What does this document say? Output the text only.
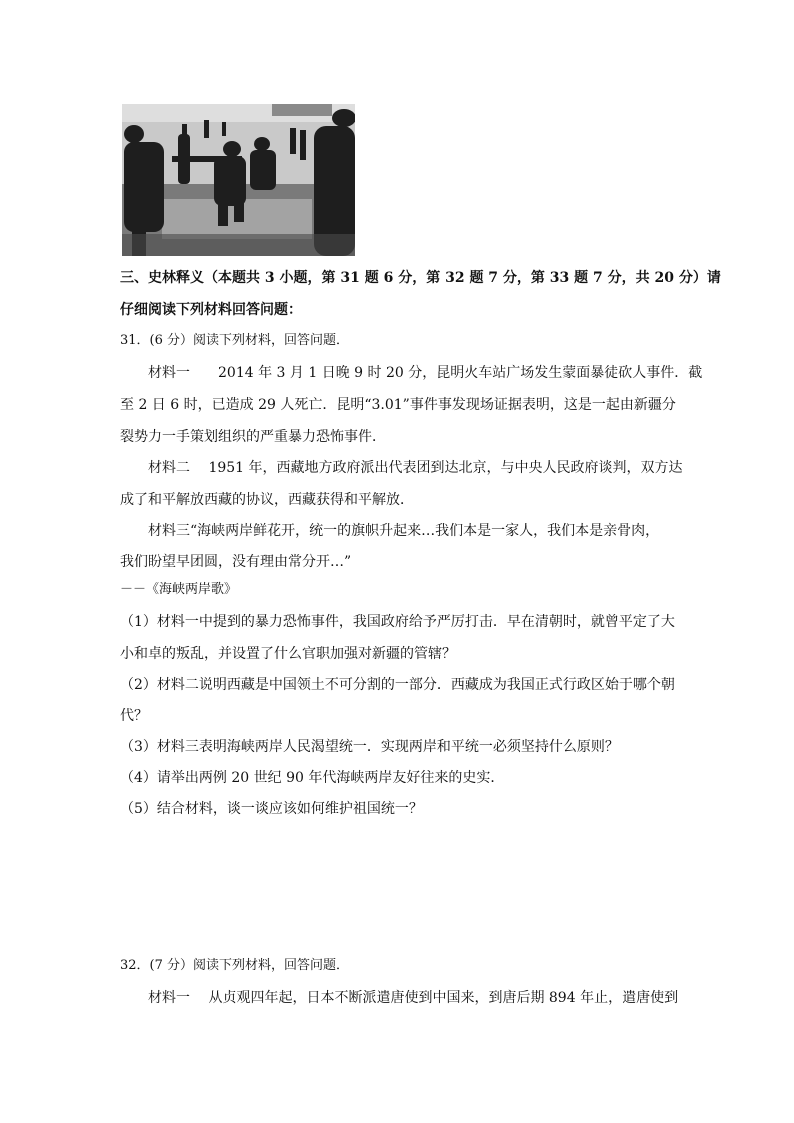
三、史林释义（本题共 3 小题，第 31 题 6 分，第 32 题 7 分，第 33 题 7 分，共 20 分）请
仔细阅读下列材料回答问题：
31．(6 分）阅读下列材料，回答问题．
材料一　　2014 年 3 月 1 日晚 9 时 20 分，昆明火车站广场发生蒙面暴徒砍人事件．截
至 2 日 6 时，已造成 29 人死亡．昆明“3.01”事件事发现场证据表明，这是一起由新疆分
裂势力一手策划组织的严重暴力恐怖事件．
材料二　 1951 年，西藏地方政府派出代表团到达北京，与中央人民政府谈判，双方达
成了和平解放西藏的协议，西藏获得和平解放．
材料三“海峡两岸鲜花开，统一的旗帜升起来…我们本是一家人，我们本是亲骨肉，
我们盼望早团圆，没有理由常分开…”
－－《海峡两岸歌》
（1）材料一中提到的暴力恐怖事件，我国政府给予严厉打击．早在清朝时，就曾平定了大
小和卓的叛乱，并设置了什么官职加强对新疆的管辖？
（2）材料二说明西藏是中国领土不可分割的一部分．西藏成为我国正式行政区始于哪个朝
代？
（3）材料三表明海峡两岸人民渴望统一．实现两岸和平统一必须坚持什么原则？
（4）请举出两例 20 世纪 90 年代海峡两岸友好往来的史实．
（5）结合材料，谈一谈应该如何维护祖国统一？
32．(7 分）阅读下列材料，回答问题．
材料一　 从贞观四年起，日本不断派遣唐使到中国来，到唐后期 894 年止，遣唐使到
